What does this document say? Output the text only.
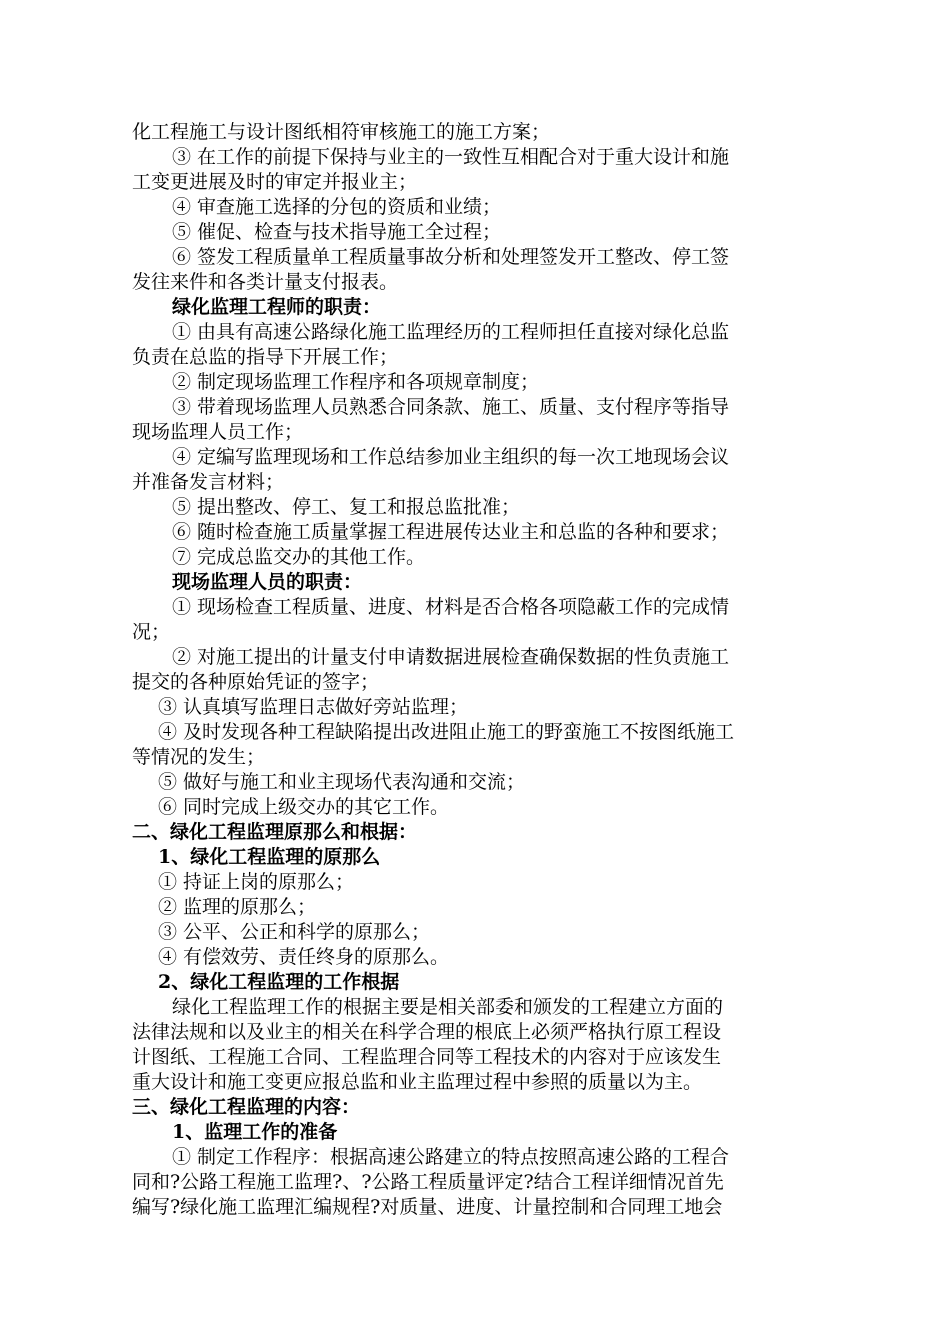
化工程施工与设计图纸相符审核施工的施工方案；
③ 在工作的前提下保持与业主的一致性互相配合对于重大设计和施
工变更进展及时的审定并报业主；
④ 审查施工选择的分包的资质和业绩；
⑤ 催促、检查与技术指导施工全过程；
⑥ 签发工程质量单工程质量事故分析和处理签发开工整改、停工签
发往来件和各类计量支付报表。
绿化监理工程师的职责：
① 由具有高速公路绿化施工监理经历的工程师担任直接对绿化总监
负责在总监的指导下开展工作；
② 制定现场监理工作程序和各项规章制度；
③ 带着现场监理人员熟悉合同条款、施工、质量、支付程序等指导
现场监理人员工作；
④ 定编写监理现场和工作总结参加业主组织的每一次工地现场会议
并准备发言材料；
⑤ 提出整改、停工、复工和报总监批准；
⑥ 随时检查施工质量掌握工程进展传达业主和总监的各种和要求；
⑦ 完成总监交办的其他工作。
现场监理人员的职责：
① 现场检查工程质量、进度、材料是否合格各项隐蔽工作的完成情
况；
② 对施工提出的计量支付申请数据进展检查确保数据的性负责施工
提交的各种原始凭证的签字；
③ 认真填写监理日志做好旁站监理；
④ 及时发现各种工程缺陷提出改进阻止施工的野蛮施工不按图纸施工
等情况的发生；
⑤ 做好与施工和业主现场代表沟通和交流；
⑥ 同时完成上级交办的其它工作。
二、绿化工程监理原那么和根据：
1、绿化工程监理的原那么
① 持证上岗的原那么；
② 监理的原那么；
③ 公平、公正和科学的原那么；
④ 有偿效劳、责任终身的原那么。
2、绿化工程监理的工作根据
绿化工程监理工作的根据主要是相关部委和颁发的工程建立方面的
法律法规和以及业主的相关在科学合理的根底上必须严格执行原工程设
计图纸、工程施工合同、工程监理合同等工程技术的内容对于应该发生
重大设计和施工变更应报总监和业主监理过程中参照的质量以为主。
三、绿化工程监理的内容：
1、监理工作的准备
① 制定工作程序：根据高速公路建立的特点按照高速公路的工程合
同和?公路工程施工监理?、?公路工程质量评定?结合工程详细情况首先
编写?绿化施工监理汇编规程?对质量、进度、计量控制和合同理工地会
